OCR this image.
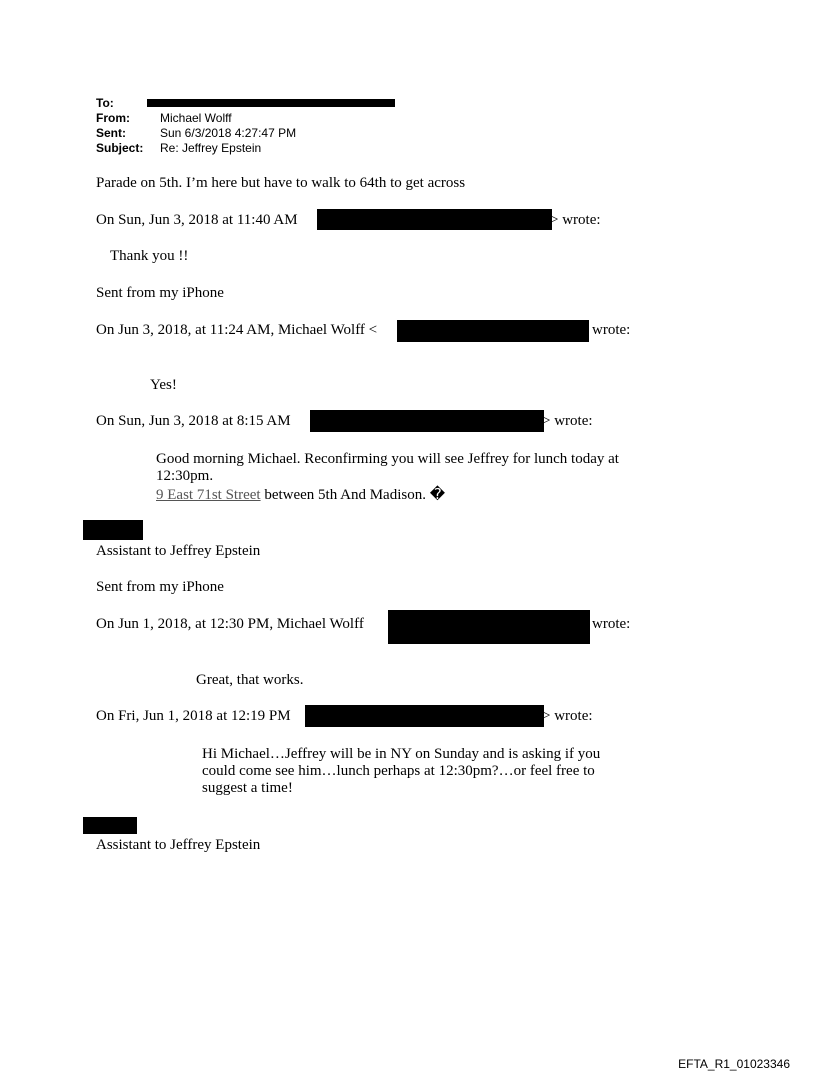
To:
From:	Michael Wolff
Sent:	Sun 6/3/2018 4:27:47 PM
Subject: Re: Jeffrey Epstein
Parade on 5th. I’m here but have to walk to 64th to get across
On Sun, Jun 3, 2018 at 11:40 AM	> wrote:
Thank you !!
Sent from my iPhone
On Jun 3, 2018, at 11:24 AM, Michael Wolff <	wrote:
Yes!
On Sun, Jun 3, 2018 at 8:15 AM	> wrote:
Good morning Michael. Reconfirming you will see Jeffrey for lunch today at
12:30pm.
9 East 71st Street between 5th And Madison. �
Assistant to Jeffrey Epstein
Sent from my iPhone
On Jun 1, 2018, at 12:30 PM, Michael Wolff	wrote:
Great, that works.
On Fri, Jun 1, 2018 at 12:19 PM	> wrote:
Hi Michael…Jeffrey will be in NY on Sunday and is asking if you could come see him…lunch perhaps at 12:30pm?…or feel free to suggest a time!
Assistant to Jeffrey Epstein
EFTA_R1_01023346
